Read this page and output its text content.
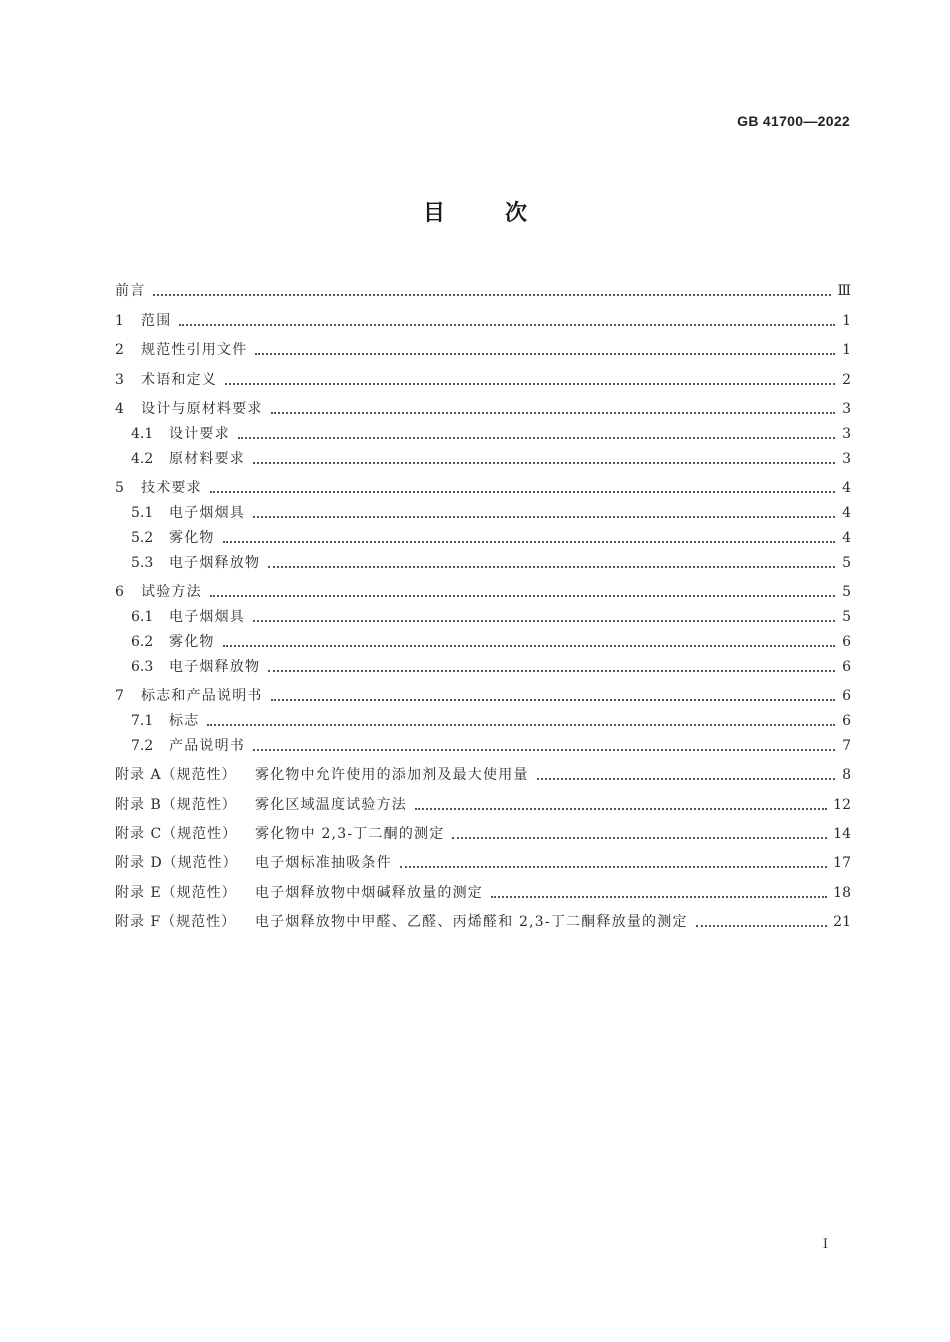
GB 41700—2022
目次
前言	Ⅲ
1	范围	1
2	规范性引用文件	1
3	术语和定义	2
4	设计与原材料要求	3
4.1	设计要求	3
4.2	原材料要求	3
5	技术要求	4
5.1	电子烟烟具	4
5.2	雾化物	4
5.3	电子烟释放物	5
6	试验方法	5
6.1	电子烟烟具	5
6.2	雾化物	6
6.3	电子烟释放物	6
7	标志和产品说明书	6
7.1	标志	6
7.2	产品说明书	7
附录 A（规范性）	雾化物中允许使用的添加剂及最大使用量	8
附录 B（规范性）	雾化区域温度试验方法	12
附录 C（规范性）	雾化物中 2,3-丁二酮的测定	14
附录 D（规范性）	电子烟标准抽吸条件	17
附录 E（规范性）	电子烟释放物中烟碱释放量的测定	18
附录 F（规范性）	电子烟释放物中甲醛、乙醛、丙烯醛和 2,3-丁二酮释放量的测定	21
Ⅰ
